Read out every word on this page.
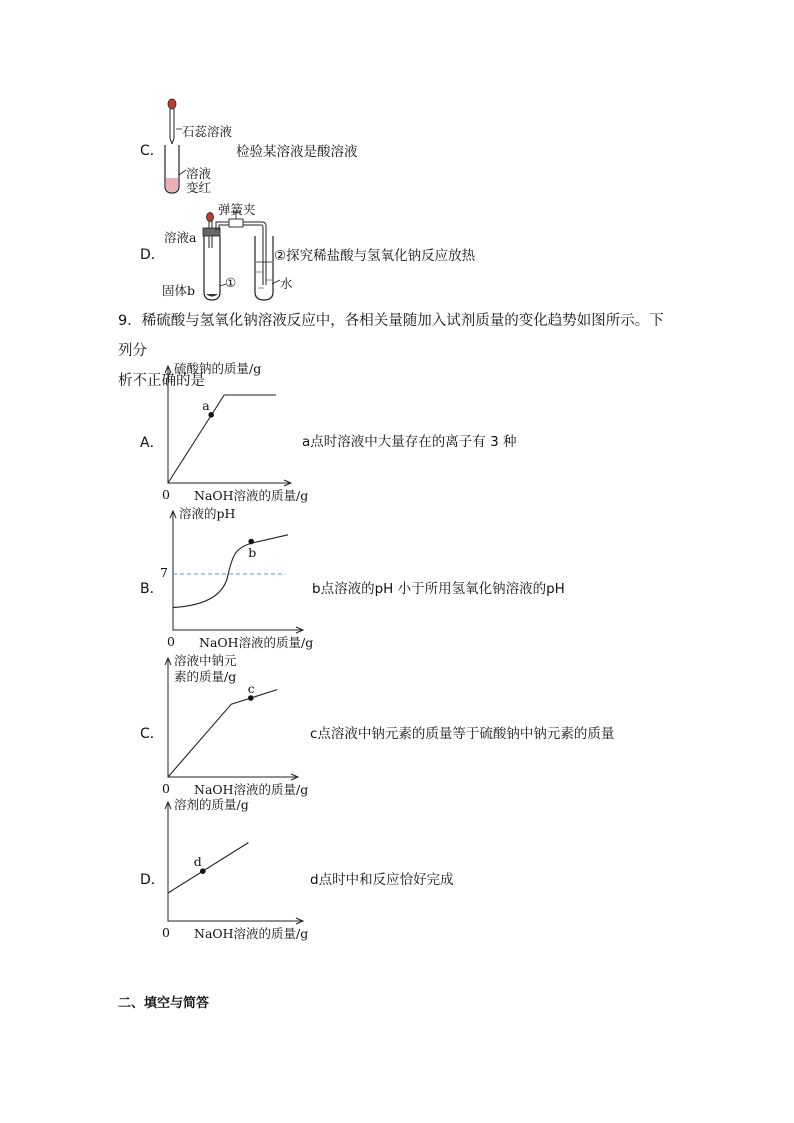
C．
石蕊溶液
溶液
变红
检验某溶液是酸溶液
D．
弹簧夹
溶液a
固体b
①
②探究稀盐酸与氢氧化钠反应放热
水
9．稀硫酸与氢氧化钠溶液反应中，各相关量随加入试剂质量的变化趋势如图所示。下列分
析不正确的是
A．	a点时溶液中大量存在的离子有 3 种
硫酸钠的质量/g
NaOH溶液的质量/g
0
a
B．	b点溶液的pH 小于所用氢氧化钠溶液的pH
溶液的pH
NaOH溶液的质量/g
0
7
b
C．	c点溶液中钠元素的质量等于硫酸钠中钠元素的质量
溶液中钠元
素的质量/g
NaOH溶液的质量/g
0
c
D．	d点时中和反应恰好完成
溶剂的质量/g
NaOH溶液的质量/g
0
d
二、填空与简答
